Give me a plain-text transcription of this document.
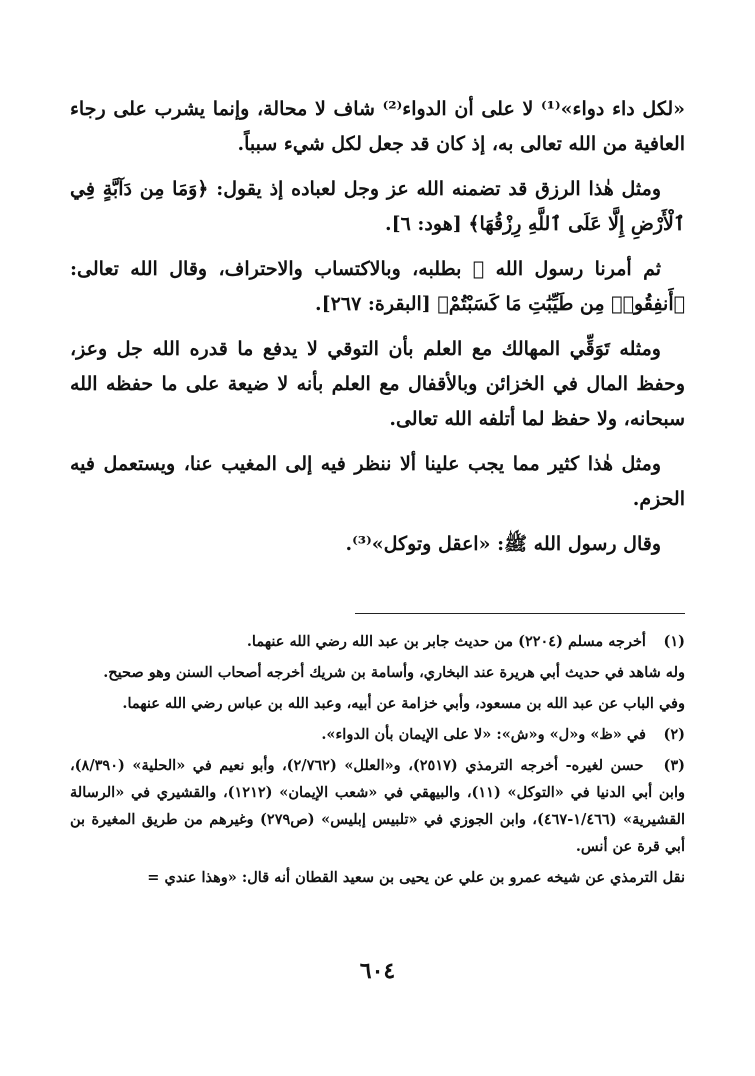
«لكل داء دواء»⁽¹⁾ لا على أن الدواء⁽²⁾ شاف لا محالة، وإنما يشرب على رجاء العافية من الله تعالى به، إذ كان قد جعل لكل شيء سبباً.

ومثل هٰذا الرزق قد تضمنه الله عز وجل لعباده إذ يقول: ﴿وَمَا مِن دَآبَّةٍ فِي ٱلْأَرْضِ إِلَّا عَلَى ٱللَّهِ رِزْقُهَا﴾ [هود: ٦].

ثم أمرنا رسول الله ﷺ بطلبه، وبالاكتساب والاحتراف، وقال الله تعالى: ﴿أَنفِقُوا۟ مِن طَيِّبَٰتِ مَا كَسَبْتُمْ﴾ [البقرة: ٢٦٧].

ومثله تَوَقِّي المهالك مع العلم بأن التوقي لا يدفع ما قدره الله جل وعز، وحفظ المال في الخزائن وبالأقفال مع العلم بأنه لا ضيعة على ما حفظه الله سبحانه، ولا حفظ لما أتلفه الله تعالى.

ومثل هٰذا كثير مما يجب علينا ألا ننظر فيه إلى المغيب عنا، ويستعمل فيه الحزم.

وقال رسول الله ﷺ: «اعقل وتوكل»⁽³⁾.

(١) أخرجه مسلم (٢٢٠٤) من حديث جابر بن عبد الله رضي الله عنهما.

وله شاهد في حديث أبي هريرة عند البخاري، وأسامة بن شريك أخرجه أصحاب السنن وهو صحيح.

وفي الباب عن عبد الله بن مسعود، وأبي خزامة عن أبيه، وعبد الله بن عباس رضي الله عنهما.

(٢) في «ظ» و«ل» و«ش»: «لا على الإيمان بأن الدواء».

(٣) حسن لغيره- أخرجه الترمذي (٢٥١٧)، و«العلل» (٢/٧٦٢)، وأبو نعيم في «الحلية» (٨/٣٩٠)، وابن أبي الدنيا في «التوكل» (١١)، والبيهقي في «شعب الإيمان» (١٢١٢)، والقشيري في «الرسالة القشيرية» (١/٤٦٦-٤٦٧)، وابن الجوزي في «تلبيس إبليس» (ص٢٧٩) وغيرهم من طريق المغيرة بن أبي قرة عن أنس.

نقل الترمذي عن شيخه عمرو بن علي عن يحيى بن سعيد القطان أنه قال: «وهذا عندي =

٦٠٤
